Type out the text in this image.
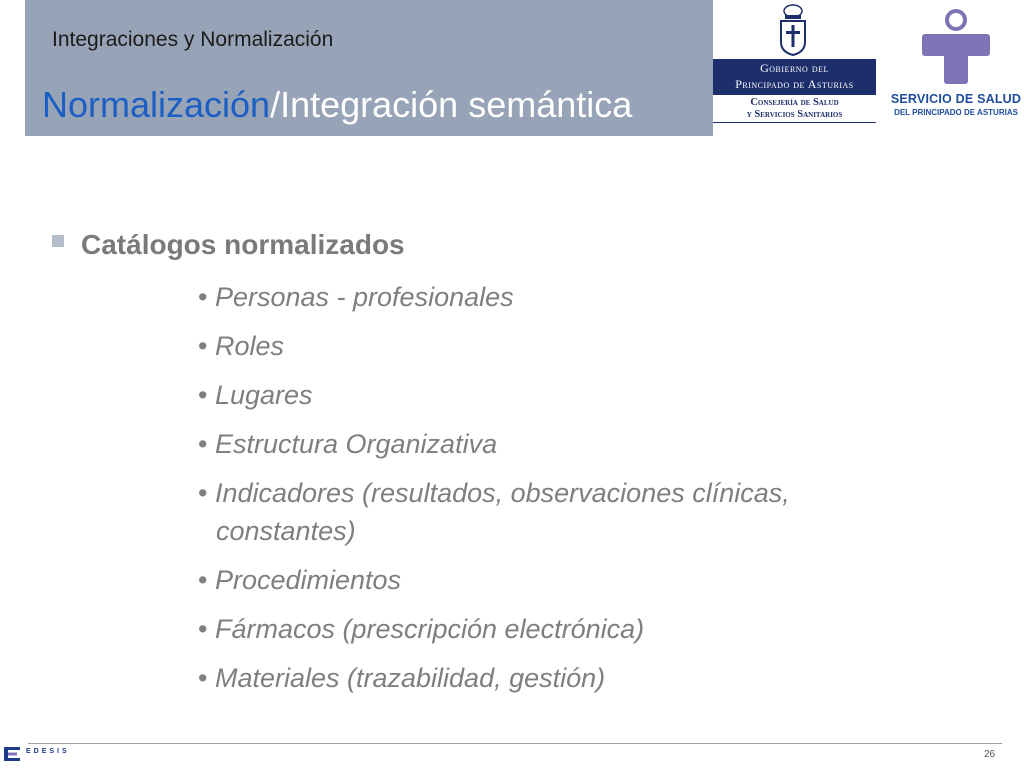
Integraciones y Normalización
Normalización/Integración semántica
Gobierno del
Principado de Asturias
Consejería de Salud
y Servicios Sanitarios
SERVICIO DE SALUD
DEL PRINCIPADO DE ASTURIAS
Catálogos normalizados
• Personas - profesionales
• Roles
• Lugares
• Estructura Organizativa
• Indicadores (resultados, observaciones clínicas, constantes)
• Procedimientos
• Fármacos (prescripción electrónica)
• Materiales (trazabilidad, gestión)
EDESIS	26
